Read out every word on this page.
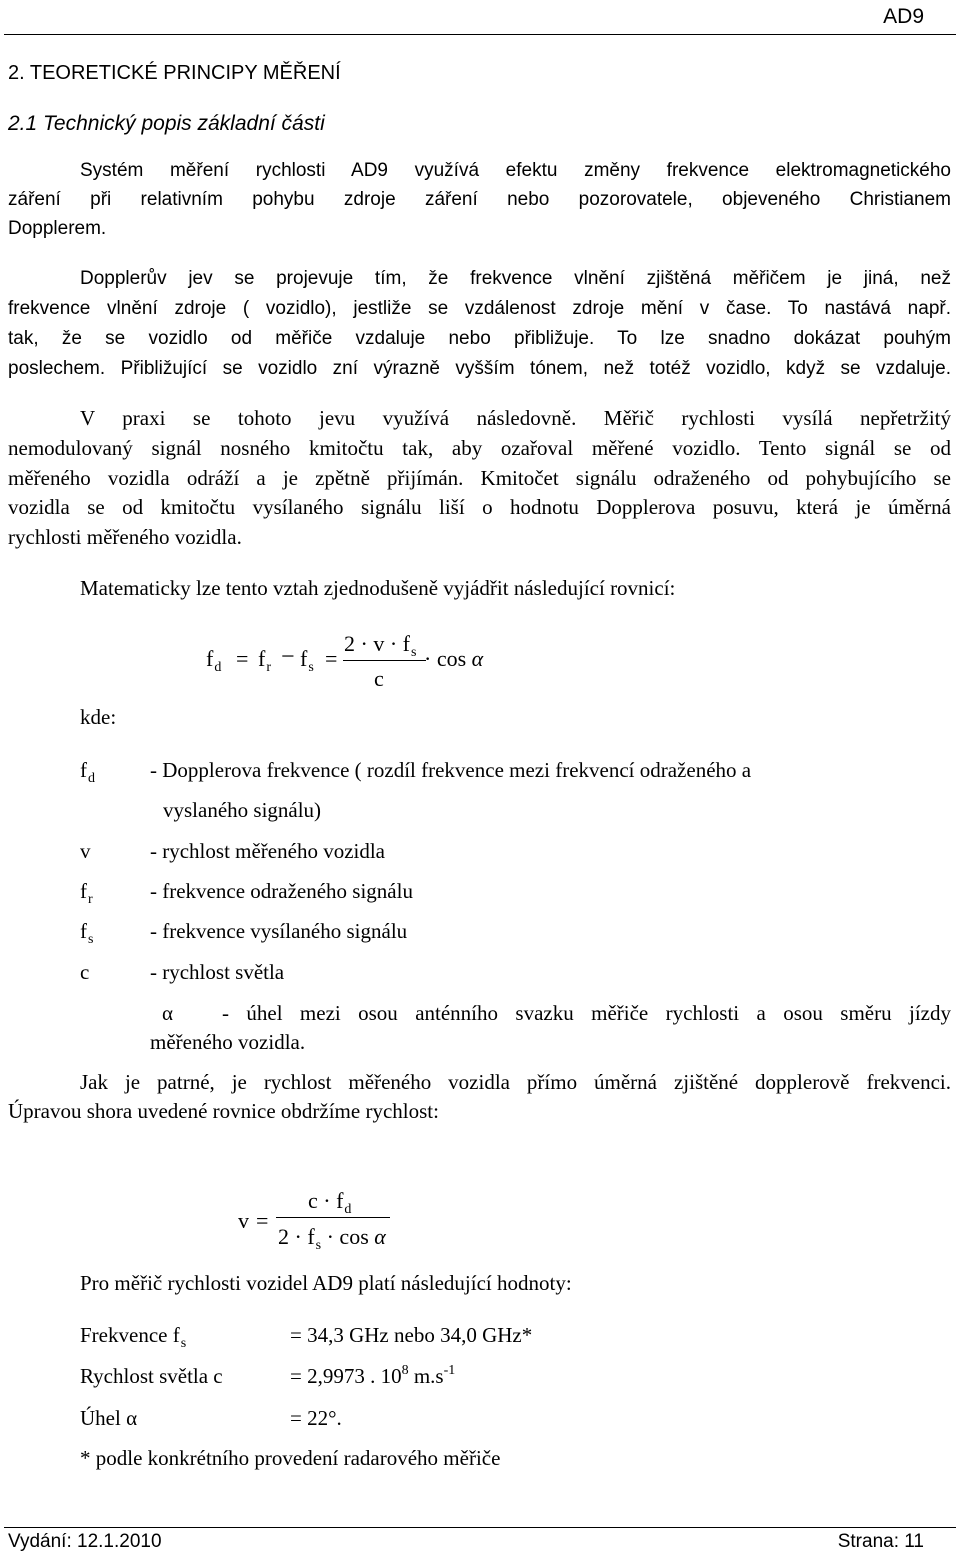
AD9
2. TEORETICKÉ PRINCIPY MĚŘENÍ
2.1 Technický popis základní části
Systém měření rychlosti AD9 využívá efektu změny frekvence elektromagnetického
záření při relativním pohybu zdroje záření nebo pozorovatele, objeveného Christianem
Dopplerem.
Dopplerův jev se projevuje tím, že frekvence vlnění zjištěná měřičem je jiná, než
frekvence vlnění zdroje ( vozidlo), jestliže se vzdálenost zdroje mění v čase. To nastává např.
tak, že se vozidlo od měřiče vzdaluje nebo přibližuje. To lze snadno dokázat pouhým
poslechem. Přibližující se vozidlo zní výrazně vyšším tónem, než totéž vozidlo, když se vzdaluje.
V praxi se tohoto jevu využívá následovně. Měřič rychlosti vysílá nepřetržitý
nemodulovaný signál nosného kmitočtu tak, aby ozařoval měřené vozidlo. Tento signál se od
měřeného vozidla odráží a je zpětně přijímán. Kmitočet signálu odraženého od pohybujícího se
vozidla se od kmitočtu vysílaného signálu liší o hodnotu Dopplerova posuvu, která je úměrná
rychlosti měřeného vozidla.
Matematicky lze tento vztah zjednodušeně vyjádřit následující rovnicí:
$f_d = f_r - f_s$ =
$2 \cdot v \cdot f_s$
c
· cos α
kde:
$f_d$	- Dopplerova frekvence ( rozdíl frekvence mezi frekvencí odraženého a
vyslaného signálu)
v	- rychlost měřeného vozidla
$f_r$	- frekvence odraženého signálu
$f_s$	- frekvence vysílaného signálu
c	- rychlost světla
α - úhel mezi osou anténního svazku měřiče rychlosti a osou směru jízdy
měřeného vozidla.
Jak je patrné, je rychlost měřeného vozidla přímo úměrná zjištěné dopplerově frekvenci.
Úpravou shora uvedené rovnice obdržíme rychlost:
v =
$c \cdot f_d$
$2 \cdot f_s \cdot \cos \alpha$
Pro měřič rychlosti vozidel AD9 platí následující hodnoty:
Frekvence $f_s$	= 34,3 GHz nebo 34,0 GHz*
Rychlost světla c	= 2,9973 . $10^8$ $m.s^{-1}$
Úhel α	= 22°.
* podle konkrétního provedení radarového měřiče
Vydání: 12.1.2010	Strana: 11
